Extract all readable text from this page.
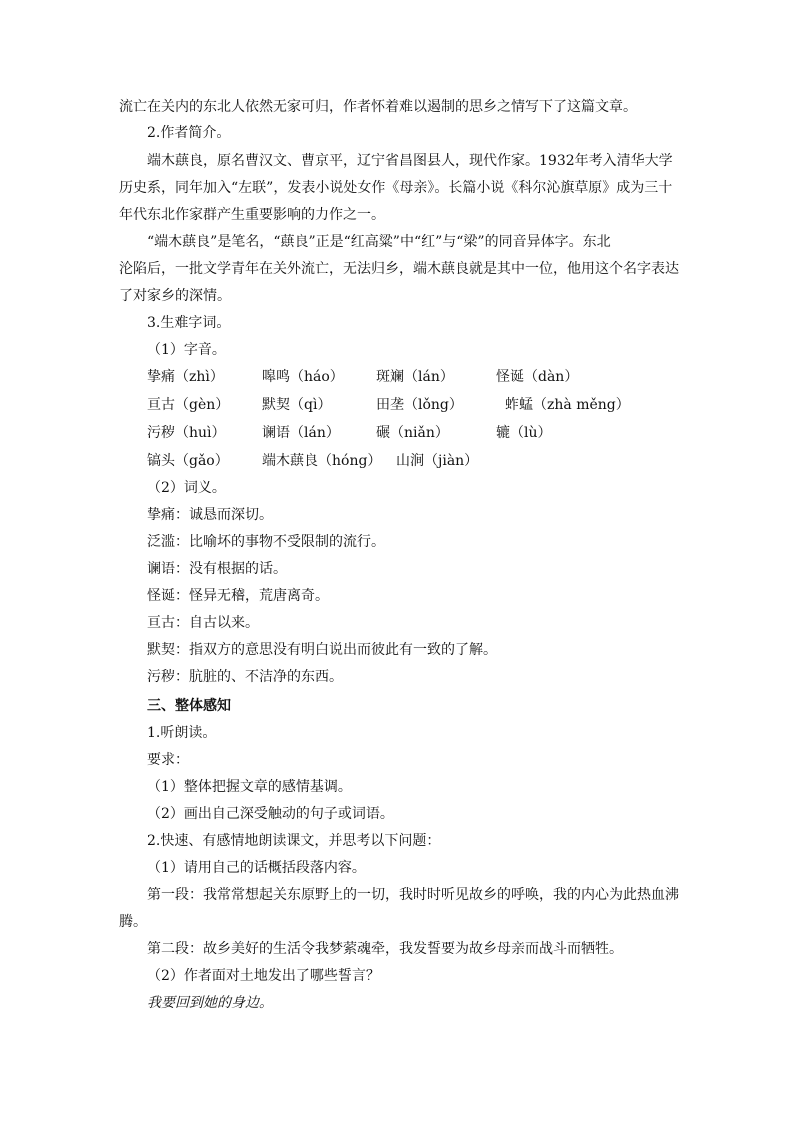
流亡在关内的东北人依然无家可归，作者怀着难以遏制的思乡之情写下了这篇文章。
2.作者简介。
端木蕻良，原名曹汉文、曹京平，辽宁省昌图县人，现代作家。1932年考入清华大学
历史系，同年加入“左联”，发表小说处女作《母亲》。长篇小说《科尔沁旗草原》成为三十
年代东北作家群产生重要影响的力作之一。
“端木蕻良”是笔名，“蕻良”正是“红高粱”中“红”与“梁”的同音异体字。东北
沦陷后，一批文学青年在关外流亡，无法归乡，端木蕻良就是其中一位，他用这个名字表达
了对家乡的深情。
3.生难字词。
（1）字音。
挚痛（zhì）	嗥鸣（háo） 斑斓（lán）	怪诞（dàn）
亘古（gèn） 默契（qì）	田垄（lǒng）	蚱蜢（zhà měng）
污秽（huì）	谰语（lán）	碾（niǎn）	辘（lù）
镐头（gǎo） 端木蕻良（hóng） 山涧（jiàn）
（2）词义。
挚痛：诚恳而深切。
泛滥：比喻坏的事物不受限制的流行。
谰语：没有根据的话。
怪诞：怪异无稽，荒唐离奇。
亘古：自古以来。
默契：指双方的意思没有明白说出而彼此有一致的了解。
污秽：肮脏的、不洁净的东西。
三、整体感知
1.听朗读。
要求：
（1）整体把握文章的感情基调。
（2）画出自己深受触动的句子或词语。
2.快速、有感情地朗读课文，并思考以下问题：
（1）请用自己的话概括段落内容。
第一段：我常常想起关东原野上的一切，我时时听见故乡的呼唤，我的内心为此热血沸
腾。
第二段：故乡美好的生活令我梦萦魂牵，我发誓要为故乡母亲而战斗而牺牲。
（2）作者面对土地发出了哪些誓言？
我要回到她的身边。
